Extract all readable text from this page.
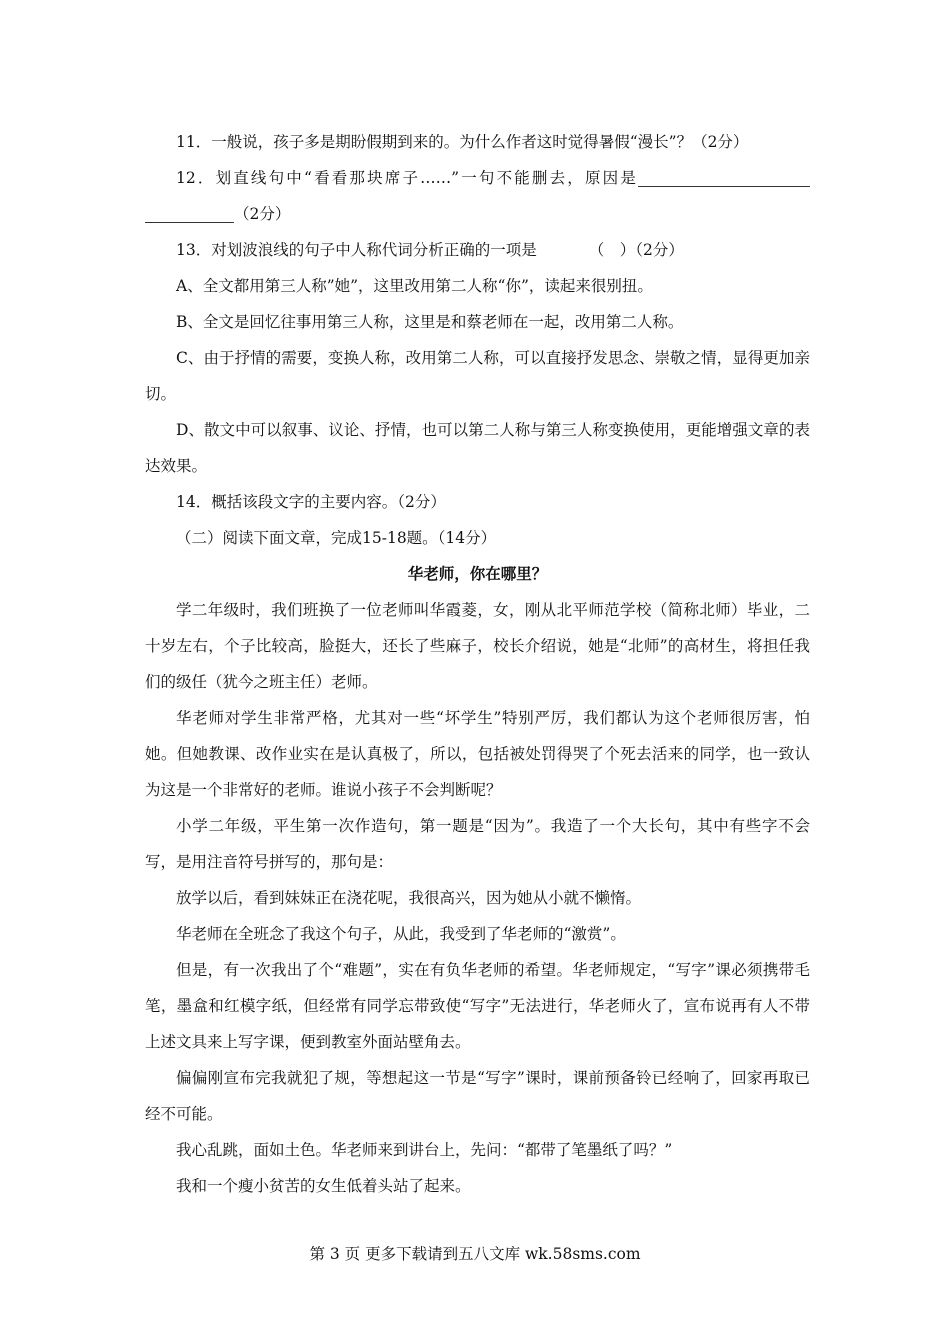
11．一般说，孩子多是期盼假期到来的。为什么作者这时觉得暑假“漫长”？（2分）

12．划直线句中“看看那块席子……”一句不能删去，原因是（2分）

13．对划波浪线的句子中人称代词分析正确的一项是	（　）（2分）

A、全文都用第三人称”她”，这里改用第二人称“你”，读起来很别扭。

B、全文是回忆往事用第三人称，这里是和蔡老师在一起，改用第二人称。

C、由于抒情的需要，变换人称，改用第二人称，可以直接抒发思念、崇敬之情，显得更加亲切。

D、散文中可以叙事、议论、抒情，也可以第二人称与第三人称变换使用，更能增强文章的表达效果。

14．概括该段文字的主要内容。（2分）

（二）阅读下面文章，完成15-18题。（14分）

华老师，你在哪里？

学二年级时，我们班换了一位老师叫华霞菱，女，刚从北平师范学校（简称北师）毕业，二十岁左右，个子比较高，脸挺大，还长了些麻子，校长介绍说，她是“北师”的高材生，将担任我们的级任（犹今之班主任）老师。

华老师对学生非常严格，尤其对一些“坏学生”特别严厉，我们都认为这个老师很厉害，怕她。但她教课、改作业实在是认真极了，所以，包括被处罚得哭了个死去活来的同学，也一致认为这是一个非常好的老师。谁说小孩子不会判断呢？

小学二年级，平生第一次作造句，第一题是“因为”。我造了一个大长句，其中有些字不会写，是用注音符号拼写的，那句是：

放学以后，看到妹妹正在浇花呢，我很高兴，因为她从小就不懒惰。

华老师在全班念了我这个句子，从此，我受到了华老师的“激赏”。

但是，有一次我出了个“难题”，实在有负华老师的希望。华老师规定，“写字”课必须携带毛笔，墨盒和红模字纸，但经常有同学忘带致使“写字”无法进行，华老师火了，宣布说再有人不带上述文具来上写字课，便到教室外面站壁角去。

偏偏刚宣布完我就犯了规，等想起这一节是“写字”课时，课前预备铃已经响了，回家再取已经不可能。

我心乱跳，面如土色。华老师来到讲台上，先问：“都带了笔墨纸了吗？”

我和一个瘦小贫苦的女生低着头站了起来。

第 3 页 更多下载请到五八文库 wk.58sms.com
